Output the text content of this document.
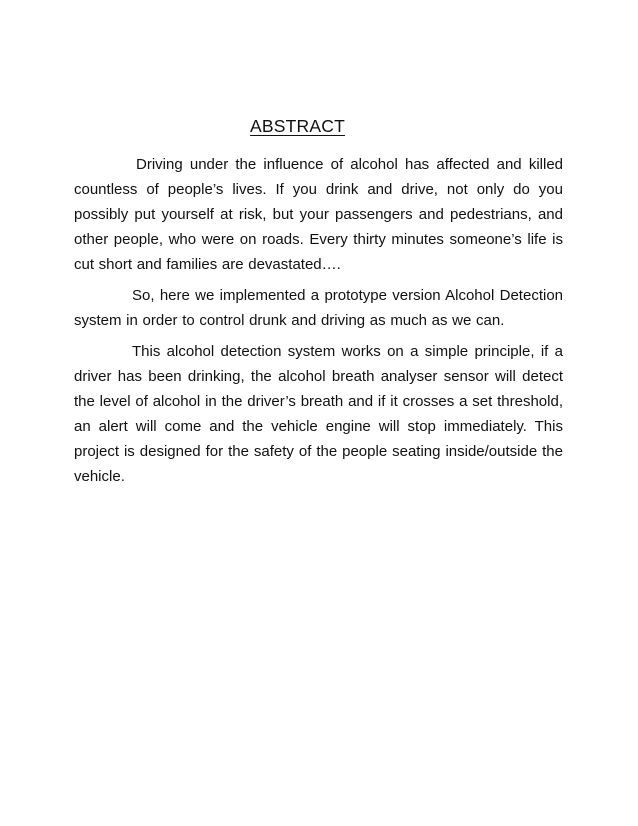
ABSTRACT

Driving under the influence of alcohol has affected and killed countless of people’s lives. If you drink and drive, not only do you possibly put yourself at risk, but your passengers and pedestrians, and other people, who were on roads. Every thirty minutes someone’s life is cut short and families are devastated….

So, here we implemented a prototype version Alcohol Detection system in order to control drunk and driving as much as we can.

This alcohol detection system works on a simple principle, if a driver has been drinking, the alcohol breath analyser sensor will detect the level of alcohol in the driver’s breath and if it crosses a set threshold, an alert will come and the vehicle engine will stop immediately. This project is designed for the safety of the people seating inside/outside the vehicle.
